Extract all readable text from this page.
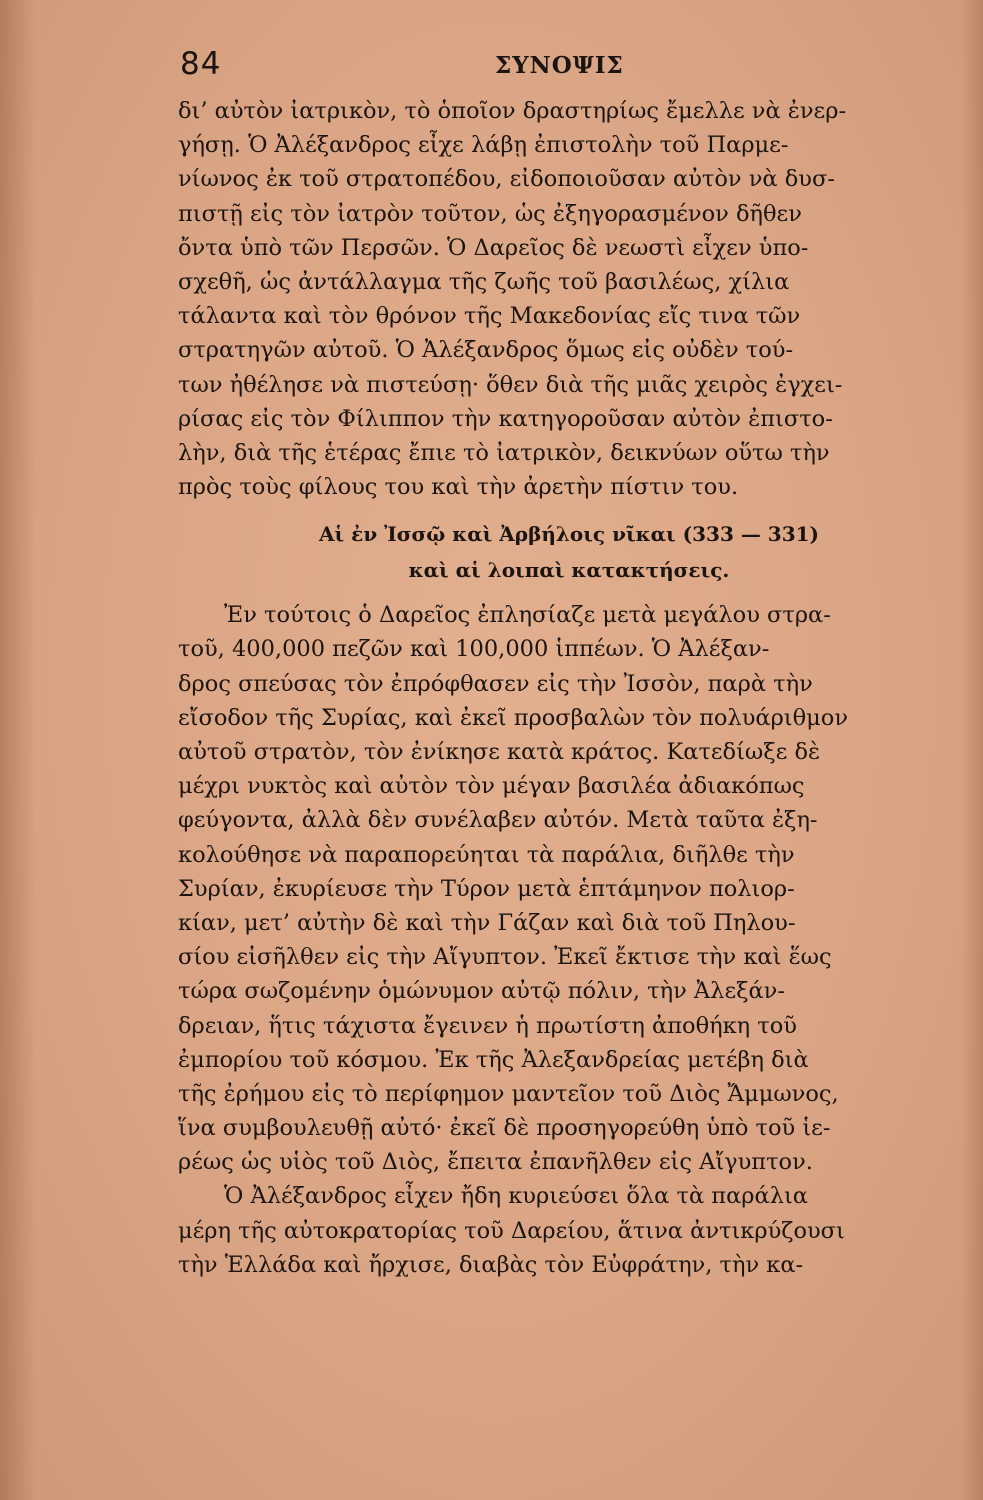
84	ΣΥΝΟΨΙΣ
δι’ αὐτὸν ἰατρικὸν, τὸ ὁποῖον δραστηρίως ἔμελλε νὰ ἐνερ-
γήσῃ. Ὁ Ἀλέξανδρος εἶχε λάβῃ ἐπιστολὴν τοῦ Παρμε-
νίωνος ἐκ τοῦ στρατοπέδου, εἰδοποιοῦσαν αὐτὸν νὰ δυσ-
πιστῇ εἰς τὸν ἰατρὸν τοῦτον, ὡς ἐξηγορασμένον δῆθεν
ὄντα ὑπὸ τῶν Περσῶν. Ὁ Δαρεῖος δὲ νεωστὶ εἶχεν ὑπο-
σχεθῆ, ὡς ἀντάλλαγμα τῆς ζωῆς τοῦ βασιλέως, χίλια
τάλαντα καὶ τὸν θρόνον τῆς Μακεδονίας εἴς τινα τῶν
στρατηγῶν αὐτοῦ. Ὁ Ἀλέξανδρος ὅμως εἰς οὐδὲν τού-
των ἠθέλησε νὰ πιστεύσῃ· ὅθεν διὰ τῆς μιᾶς χειρὸς ἐγχει-
ρίσας εἰς τὸν Φίλιππον τὴν κατηγοροῦσαν αὐτὸν ἐπιστο-
λὴν, διὰ τῆς ἑτέρας ἔπιε τὸ ἰατρικὸν, δεικνύων οὕτω τὴν
πρὸς τοὺς φίλους του καὶ τὴν ἀρετὴν πίστιν του.
Αἱ ἐν Ἰσσῷ καὶ Ἀρβήλοις νῖκαι (333 — 331)
καὶ αἱ λοιπαὶ κατακτήσεις.
Ἐν τούτοις ὁ Δαρεῖος ἐπλησίαζε μετὰ μεγάλου στρα-
τοῦ, 400,000 πεζῶν καὶ 100,000 ἱππέων. Ὁ Ἀλέξαν-
δρος σπεύσας τὸν ἐπρόφθασεν εἰς τὴν Ἰσσὸν, παρὰ τὴν
εἴσοδον τῆς Συρίας, καὶ ἐκεῖ προσβαλὼν τὸν πολυάριθμον
αὐτοῦ στρατὸν, τὸν ἐνίκησε κατὰ κράτος. Κατεδίωξε δὲ
μέχρι νυκτὸς καὶ αὐτὸν τὸν μέγαν βασιλέα ἀδιακόπως
φεύγοντα, ἀλλὰ δὲν συνέλαβεν αὐτόν. Μετὰ ταῦτα ἐξη-
κολούθησε νὰ παραπορεύηται τὰ παράλια, διῆλθε τὴν
Συρίαν, ἐκυρίευσε τὴν Τύρον μετὰ ἑπτάμηνον πολιορ-
κίαν, μετ’ αὐτὴν δὲ καὶ τὴν Γάζαν καὶ διὰ τοῦ Πηλου-
σίου εἰσῆλθεν εἰς τὴν Αἴγυπτον. Ἐκεῖ ἔκτισε τὴν καὶ ἕως
τώρα σωζομένην ὁμώνυμον αὐτῷ πόλιν, τὴν Ἀλεξάν-
δρειαν, ἥτις τάχιστα ἔγεινεν ἡ πρωτίστη ἀποθήκη τοῦ
ἐμπορίου τοῦ κόσμου. Ἐκ τῆς Ἀλεξανδρείας μετέβη διὰ
τῆς ἐρήμου εἰς τὸ περίφημον μαντεῖον τοῦ Διὸς Ἄμμωνος,
ἵνα συμβουλευθῇ αὐτό· ἐκεῖ δὲ προσηγορεύθη ὑπὸ τοῦ ἱε-
ρέως ὡς υἱὸς τοῦ Διὸς, ἔπειτα ἐπανῆλθεν εἰς Αἴγυπτον.
Ὁ Ἀλέξανδρος εἶχεν ἤδη κυριεύσει ὅλα τὰ παράλια
μέρη τῆς αὐτοκρατορίας τοῦ Δαρείου, ἅτινα ἀντικρύζουσι
τὴν Ἑλλάδα καὶ ἤρχισε, διαβὰς τὸν Εὐφράτην, τὴν κα-
